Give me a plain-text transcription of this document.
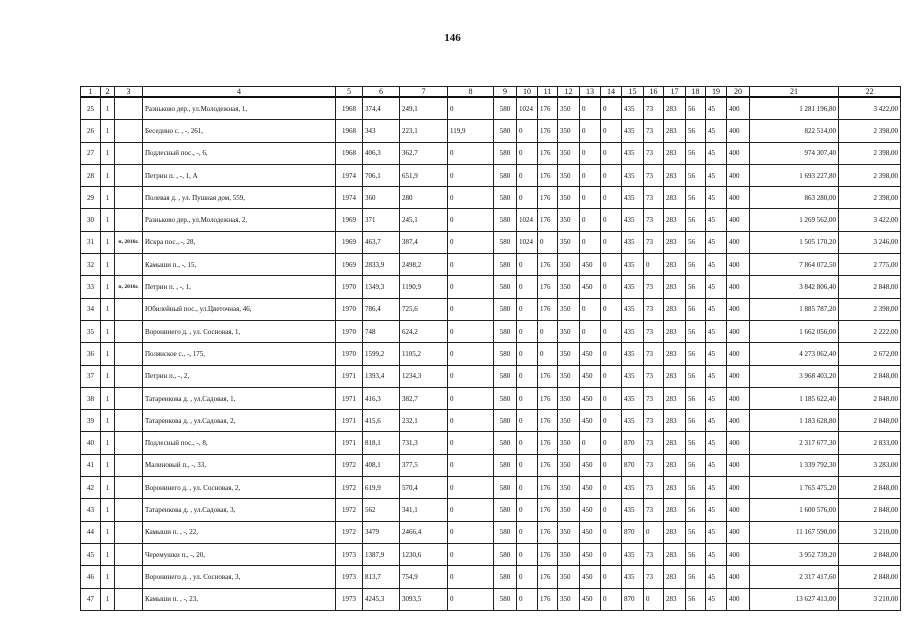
146
1	2	3	4	5	6	7	8	9	10	11	12	13	14	15	16	17	18	19	20	21	22
25	1		Разньково дер., ул.Молодежная, 1,	1968	374,4	249,1	0	580	1024	176	350	0	0	435	73	283	56	45	400	1 281 196,80	3 422,00
26	1		Беседино с. , -, 261,	1968	343	223,1	119,9	580	0	176	350	0	0	435	73	283	56	45	400	822 514,00	2 398,00
27	1		Подлесный пос., -, 6,	1968	406,3	362,7	0	580	0	176	350	0	0	435	73	283	56	45	400	974 307,40	2 398,00
28	1		Петрин п. , -, 1, А	1974	706,1	651,9	0	580	0	176	350	0	0	435	73	283	56	45	400	1 693 227,80	2 398,00
29	1		Полевая д. , ул. Пушная дом, 559,	1974	360	280	0	580	0	176	350	0	0	435	73	283	56	45	400	863 280,00	2 398,00
30	1		Разньково дер., ул.Молодежная, 2,	1969	371	245,1	0	580	1024	176	350	0	0	435	73	283	56	45	400	1 269 562,00	3 422,00
31	1	п, 2016г.	Искра пос., -, 28,	1969	463,7	387,4	0	580	1024	0	350	0	0	435	73	283	56	45	400	1 505 170,20	3 246,00
32	1		Камыши п., -, 15,	1969	2833,9	2498,2	0	580	0	176	350	450	0	435	0	283	56	45	400	7 864 072,50	2 775,00
33	1	п, 2016г.	Петрин п. , -, 1,	1970	1349,3	1190,9	0	580	0	176	350	450	0	435	73	283	56	45	400	3 842 806,40	2 848,00
34	1		Юбилейный пос., ул.Цветочная, 46,	1970	786,4	725,6	0	580	0	176	350	0	0	435	73	283	56	45	400	1 885 787,20	2 398,00
35	1		Воронинего д. , ул. Сосновая, 1,	1970	748	624,2	0	580	0	0	350	0	0	435	73	283	56	45	400	1 662 056,00	2 222,00
36	1		Полянское с., -, 175,	1970	1599,2	1105,2	0	580	0	0	350	450	0	435	73	283	56	45	400	4 273 062,40	2 672,00
37	1		Петрин п., -, 2,	1971	1393,4	1234,3	0	580	0	176	350	450	0	435	73	283	56	45	400	3 968 403,20	2 848,00
38	1		Татаренкова д. , ул.Садовая, 1,	1971	416,3	382,7	0	580	0	176	350	450	0	435	73	283	56	45	400	1 185 622,40	2 848,00
39	1		Татаренкова д. , ул.Садовая, 2,	1971	415,6	232,1	0	580	0	176	350	450	0	435	73	283	56	45	400	1 183 628,80	2 848,00
40	1		Подлесный пос., -, 8,	1971	818,1	731,3	0	580	0	176	350	0	0	870	73	283	56	45	400	2 317 677,30	2 833,00
41	1		Малиновый п., -, 33,	1972	408,1	377,5	0	580	0	176	350	450	0	870	73	283	56	45	400	1 339 792,30	3 283,00
42	1		Воронинего д. , ул. Сосновая, 2,	1972	619,9	570,4	0	580	0	176	350	450	0	435	73	283	56	45	400	1 765 475,20	2 848,00
43	1		Татаренкова д. , ул.Садовая, 3,	1972	562	341,1	0	580	0	176	350	450	0	435	73	283	56	45	400	1 600 576,00	2 848,00
44	1		Камыши п. , -, 22,	1972	3479	2466,4	0	580	0	176	350	450	0	870	0	283	56	45	400	11 167 590,00	3 210,00
45	1		Черемушки п., -, 20,	1973	1387,9	1230,6	0	580	0	176	350	450	0	435	73	283	56	45	400	3 952 739,20	2 848,00
46	1		Воронинего д. , ул. Сосновая, 3,	1973	813,7	754,9	0	580	0	176	350	450	0	435	73	283	56	45	400	2 317 417,60	2 848,00
47	1		Камыши п. , -, 23,	1973	4245,3	3093,5	0	580	0	176	350	450	0	870	0	283	56	45	400	13 627 413,00	3 210,00
